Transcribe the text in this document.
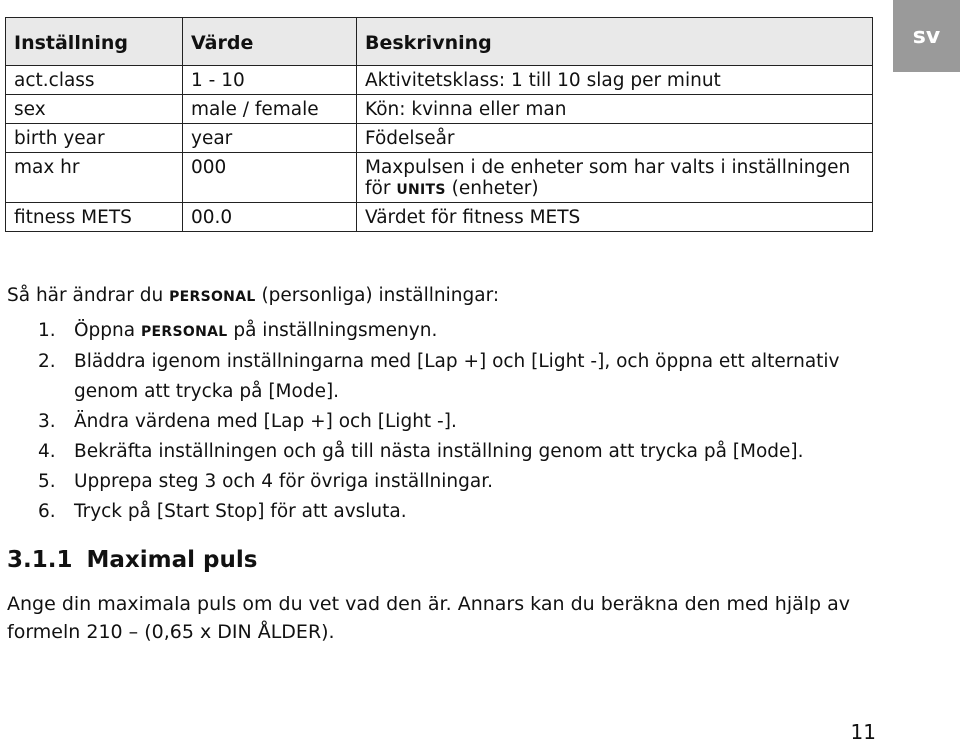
sv
Inställning	Värde	Beskrivning
act.class	1 - 10	Aktivitetsklass: 1 till 10 slag per minut
sex	male / female	Kön: kvinna eller man
birth year	year	Födelseår
max hr	000	Maxpulsen i de enheter som har valts i inställningen för UNITS (enheter)
fitness METS	00.0	Värdet för fitness METS
Så här ändrar du PERSONAL (personliga) inställningar:
1. Öppna PERSONAL på inställningsmenyn.
2. Bläddra igenom inställningarna med [Lap +] och [Light -], och öppna ett alternativ genom att trycka på [Mode].
3. Ändra värdena med [Lap +] och [Light -].
4. Bekräfta inställningen och gå till nästa inställning genom att trycka på [Mode].
5. Upprepa steg 3 och 4 för övriga inställningar.
6. Tryck på [Start Stop] för att avsluta.
3.1.1 Maximal puls
Ange din maximala puls om du vet vad den är. Annars kan du beräkna den med hjälp av formeln 210 – (0,65 x DIN ÅLDER).
11
